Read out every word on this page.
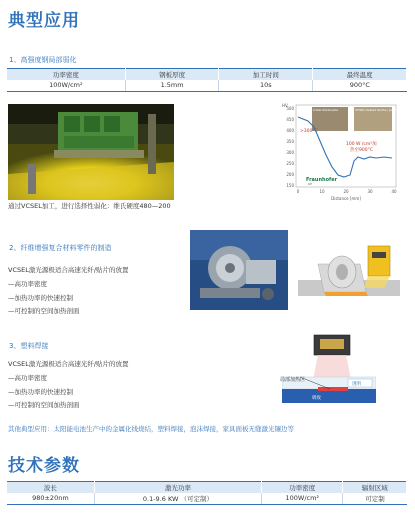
典型应用
1、高强度钢局部弱化
功率密度	钢板厚度	加工时间	最终温度
100W/cm²	1.5mm	10s	900°C
HV
500
450
400
350
300
250
200
150
0	10	20	30	40
Distance [mm]
Initial Martensite	VCSEL-heated ferrite / perrite
>300°C
100 W /cm²加
热至900°C
Fraunhofer
ILT
通过VCSEL加工，进行选择性弱化：维氏硬度480—200
2、纤维增强复合材料零件的制造
VCSEL激光源极适合高速光纤/贴片的放置
—高功率密度
—加热功率的快速控制
—可控制的空间加热剖面
3、塑料焊接
VCSEL激光源极适合高速光纤/贴片的放置
—高功率密度
—加热功率的快速控制
—可控制的空间加热剖面
透明
吸收
局部加热区
其他典型应用：太阳能电池生产中的金属化线烧结，塑料焊接，泡沫焊接，家具面板无缝激光镶边等
技术参数
波长	激光功率	功率密度	辐射区域
980±20nm	0.1-9.6 KW （可定制）	100W/cm²	可定制
